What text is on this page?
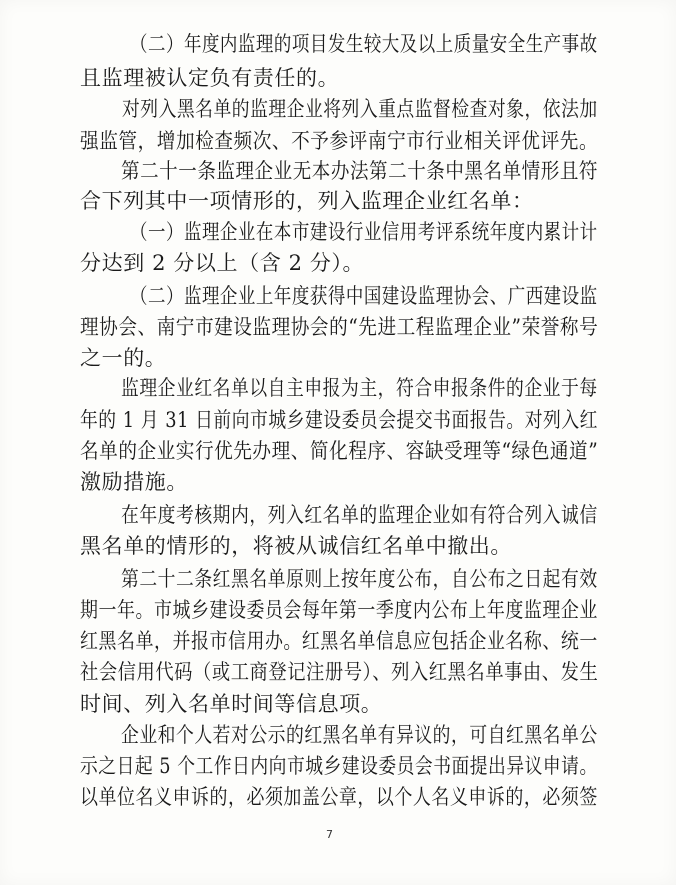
（二）年度内监理的项目发生较大及以上质量安全生产事故
且监理被认定负有责任的。
对列入黑名单的监理企业将列入重点监督检查对象，依法加
强监管，增加检查频次、不予参评南宁市行业相关评优评先。
第二十一条监理企业无本办法第二十条中黑名单情形且符
合下列其中一项情形的，列入监理企业红名单：
（一）监理企业在本市建设行业信用考评系统年度内累计计
分达到 2 分以上（含 2 分）。
（二）监理企业上年度获得中国建设监理协会、广西建设监
理协会、南宁市建设监理协会的“先进工程监理企业”荣誉称号
之一的。
监理企业红名单以自主申报为主，符合申报条件的企业于每
年的 1 月 31 日前向市城乡建设委员会提交书面报告。对列入红
名单的企业实行优先办理、简化程序、容缺受理等“绿色通道”
激励措施。
在年度考核期内，列入红名单的监理企业如有符合列入诚信
黑名单的情形的，将被从诚信红名单中撤出。
第二十二条红黑名单原则上按年度公布，自公布之日起有效
期一年。市城乡建设委员会每年第一季度内公布上年度监理企业
红黑名单，并报市信用办。红黑名单信息应包括企业名称、统一
社会信用代码（或工商登记注册号）、列入红黑名单事由、发生
时间、列入名单时间等信息项。
企业和个人若对公示的红黑名单有异议的，可自红黑名单公
示之日起 5 个工作日内向市城乡建设委员会书面提出异议申请。
以单位名义申诉的，必须加盖公章，以个人名义申诉的，必须签
7
